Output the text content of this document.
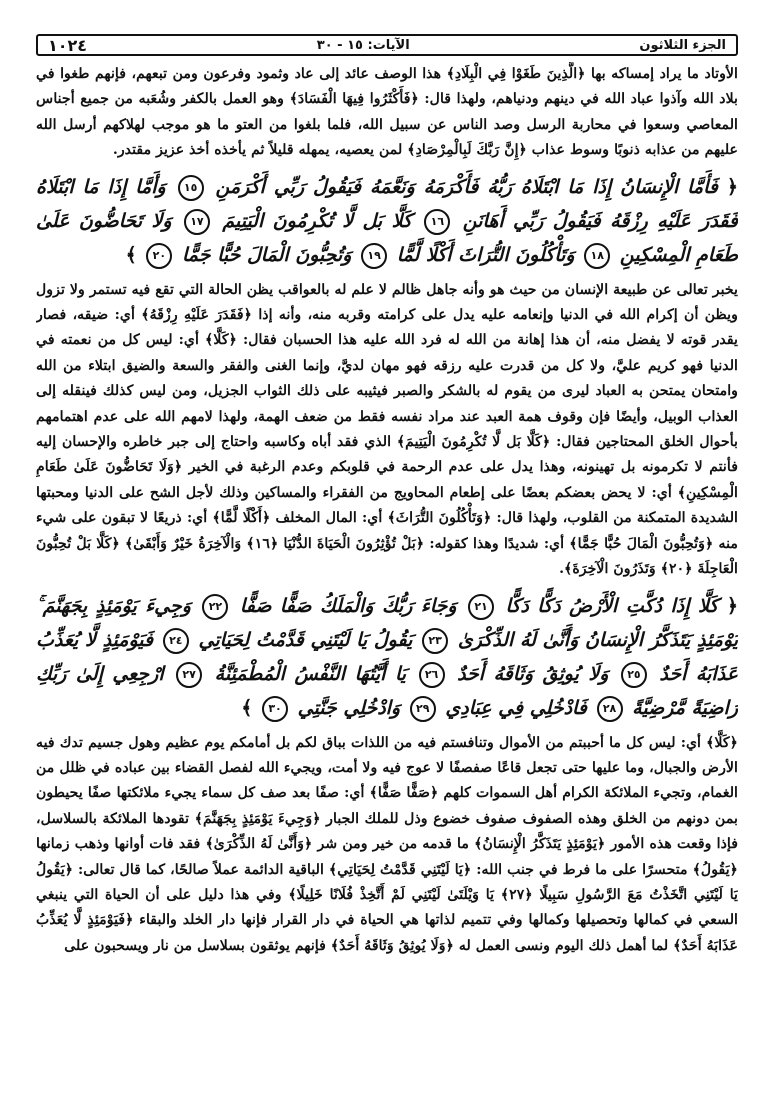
الجزء الثلاثون
الآيات: ١٥ - ٣٠
١٠٢٤

الأوتاد ما يراد إمساكه بها ﴿الَّذِينَ طَغَوْا فِي الْبِلَادِ﴾ هذا الوصف عائد إلى عاد وثمود وفرعون ومن تبعهم، فإنهم طغوا في بلاد الله وآذوا عباد الله في دينهم ودنياهم، ولهذا قال: ﴿فَأَكْثَرُوا فِيهَا الْفَسَادَ﴾ وهو العمل بالكفر وشُعَبه من جميع أجناس المعاصي وسعوا في محاربة الرسل وصد الناس عن سبيل الله، فلما بلغوا من العتو ما هو موجب لهلاكهم أرسل الله عليهم من عذابه ذنوبًا وسوط عذاب ﴿إِنَّ رَبَّكَ لَبِالْمِرْصَادِ﴾ لمن يعصيه، يمهله قليلاً ثم يأخذه أخذ عزيز مقتدر.

﴿ فَأَمَّا الْإِنسَانُ إِذَا مَا ابْتَلَاهُ رَبُّهُ فَأَكْرَمَهُ وَنَعَّمَهُ فَيَقُولُ رَبِّي أَكْرَمَنِ ١٥ وَأَمَّا إِذَا مَا ابْتَلَاهُ فَقَدَرَ عَلَيْهِ رِزْقَهُ فَيَقُولُ رَبِّي أَهَانَنِ ١٦ كَلَّا بَل لَّا تُكْرِمُونَ الْيَتِيمَ ١٧ وَلَا تَحَاضُّونَ عَلَىٰ طَعَامِ الْمِسْكِينِ ١٨ وَتَأْكُلُونَ التُّرَاثَ أَكْلًا لَّمًّا ١٩ وَتُحِبُّونَ الْمَالَ حُبًّا جَمًّا ٢٠ ﴾

يخبر تعالى عن طبيعة الإنسان من حيث هو وأنه جاهل ظالم لا علم له بالعواقب يظن الحالة التي تقع فيه تستمر ولا تزول ويظن أن إكرام الله في الدنيا وإنعامه عليه يدل على كرامته وقربه منه، وأنه إذا ﴿فَقَدَرَ عَلَيْهِ رِزْقَهُ﴾ أي: ضيقه، فصار يقدر قوته لا يفضل منه، أن هذا إهانة من الله له فرد الله عليه هذا الحسبان فقال: ﴿كَلَّا﴾ أي: ليس كل من نعمته في الدنيا فهو كريم عليَّ، ولا كل من قدرت عليه رزقه فهو مهان لديَّ، وإنما الغنى والفقر والسعة والضيق ابتلاء من الله وامتحان يمتحن به العباد ليرى من يقوم له بالشكر والصبر فيثيبه على ذلك الثواب الجزيل، ومن ليس كذلك فينقله إلى العذاب الوبيل، وأيضًا فإن وقوف همة العبد عند مراد نفسه فقط من ضعف الهمة، ولهذا لامهم الله على عدم اهتمامهم بأحوال الخلق المحتاجين فقال: ﴿كَلَّا بَل لَّا تُكْرِمُونَ الْيَتِيمَ﴾ الذي فقد أباه وكاسبه واحتاج إلى جبر خاطره والإحسان إليه فأنتم لا تكرمونه بل تهينونه، وهذا يدل على عدم الرحمة في قلوبكم وعدم الرغبة في الخير ﴿وَلَا تَحَاضُّونَ عَلَىٰ طَعَامِ الْمِسْكِينِ﴾ أي: لا يحض بعضكم بعضًا على إطعام المحاويج من الفقراء والمساكين وذلك لأجل الشح على الدنيا ومحبتها الشديدة المتمكنة من القلوب، ولهذا قال: ﴿وَتَأْكُلُونَ التُّرَاثَ﴾ أي: المال المخلف ﴿أَكْلًا لَّمًّا﴾ أي: ذريعًا لا تبقون على شيء منه ﴿وَتُحِبُّونَ الْمَالَ حُبًّا جَمًّا﴾ أي: شديدًا وهذا كقوله: ﴿بَلْ تُؤْثِرُونَ الْحَيَاةَ الدُّنْيَا ﴿١٦﴾ وَالْآخِرَةُ خَيْرٌ وَأَبْقَىٰ﴾ ﴿كَلَّا بَلْ تُحِبُّونَ الْعَاجِلَةَ ﴿٢٠﴾ وَتَذَرُونَ الْآخِرَةَ﴾.

﴿ كَلَّا إِذَا دُكَّتِ الْأَرْضُ دَكًّا دَكًّا ٢١ وَجَاءَ رَبُّكَ وَالْمَلَكُ صَفًّا صَفًّا ٢٢ وَجِيءَ يَوْمَئِذٍ بِجَهَنَّمَ ۚ يَوْمَئِذٍ يَتَذَكَّرُ الْإِنسَانُ وَأَنَّىٰ لَهُ الذِّكْرَىٰ ٢٣ يَقُولُ يَا لَيْتَنِي قَدَّمْتُ لِحَيَاتِي ٢٤ فَيَوْمَئِذٍ لَّا يُعَذِّبُ عَذَابَهُ أَحَدٌ ٢٥ وَلَا يُوثِقُ وَثَاقَهُ أَحَدٌ ٢٦ يَا أَيَّتُهَا النَّفْسُ الْمُطْمَئِنَّةُ ٢٧ ارْجِعِي إِلَىٰ رَبِّكِ رَاضِيَةً مَّرْضِيَّةً ٢٨ فَادْخُلِي فِي عِبَادِي ٢٩ وَادْخُلِي جَنَّتِي ٣٠ ﴾

﴿كَلَّا﴾ أي: ليس كل ما أحببتم من الأموال وتنافستم فيه من اللذات بباق لكم بل أمامكم يوم عظيم وهول جسيم تدك فيه الأرض والجبال، وما عليها حتى تجعل قاعًا صفصفًا لا عوج فيه ولا أمت، ويجيء الله لفصل القضاء بين عباده في ظلل من الغمام، وتجيء الملائكة الكرام أهل السموات كلهم ﴿صَفًّا صَفًّا﴾ أي: صفًا بعد صف كل سماء يجيء ملائكتها صفًا يحيطون بمن دونهم من الخلق وهذه الصفوف صفوف خضوع وذل للملك الجبار ﴿وَجِيءَ يَوْمَئِذٍ بِجَهَنَّمَ﴾ تقودها الملائكة بالسلاسل، فإذا وقعت هذه الأمور ﴿يَوْمَئِذٍ يَتَذَكَّرُ الْإِنسَانُ﴾ ما قدمه من خير ومن شر ﴿وَأَنَّىٰ لَهُ الذِّكْرَىٰ﴾ فقد فات أوانها وذهب زمانها ﴿يَقُولُ﴾ متحسرًا على ما فرط في جنب الله: ﴿يَا لَيْتَنِي قَدَّمْتُ لِحَيَاتِي﴾ الباقية الدائمة عملاً صالحًا، كما قال تعالى: ﴿يَقُولُ يَا لَيْتَنِي اتَّخَذْتُ مَعَ الرَّسُولِ سَبِيلًا ﴿٢٧﴾ يَا وَيْلَتَىٰ لَيْتَنِي لَمْ أَتَّخِذْ فُلَانًا خَلِيلًا﴾ وفي هذا دليل على أن الحياة التي ينبغي السعي في كمالها وتحصيلها وكمالها وفي تتميم لذاتها هي الحياة في دار القرار فإنها دار الخلد والبقاء ﴿فَيَوْمَئِذٍ لَّا يُعَذِّبُ عَذَابَهُ أَحَدٌ﴾ لما أهمل ذلك اليوم ونسى العمل له ﴿وَلَا يُوثِقُ وَثَاقَهُ أَحَدٌ﴾ فإنهم يوثقون بسلاسل من نار ويسحبون على
